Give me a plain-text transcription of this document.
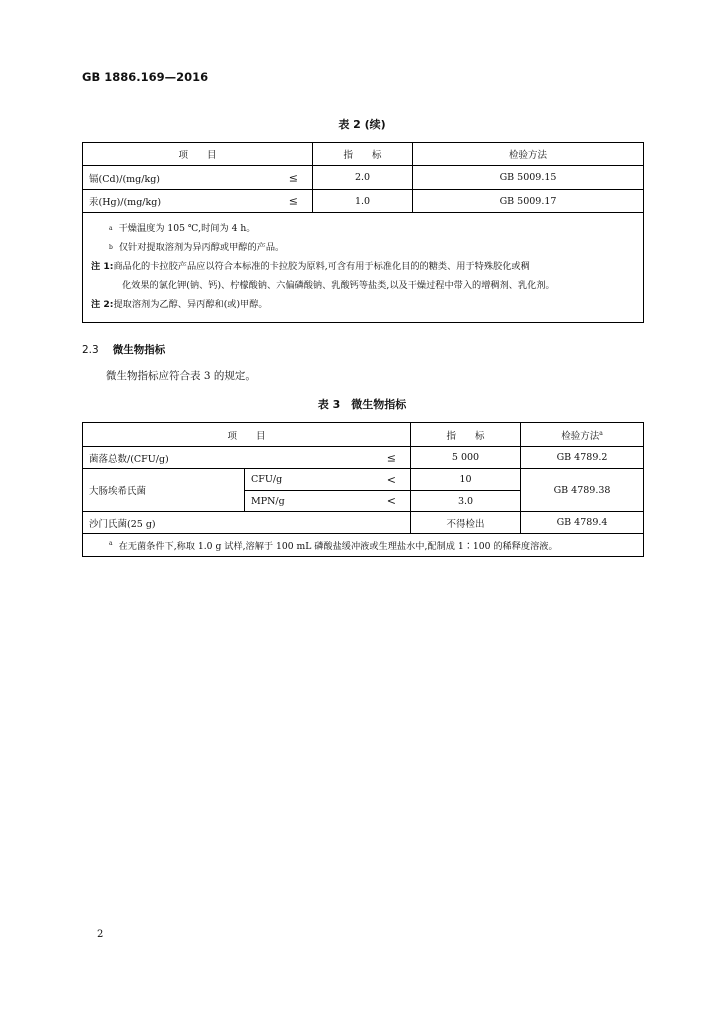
GB 1886.169—2016
表 2 (续)
项　　目	指　　标	检验方法
镉(Cd)/(mg/kg) ≤	2.0	GB 5009.15
汞(Hg)/(mg/kg) ≤	1.0	GB 5009.17

$^a$ 干燥温度为 105 ℃,时间为 4 h。

$^b$ 仅针对提取溶剂为异丙醇或甲醇的产品。

注 1:商品化的卡拉胶产品应以符合本标准的卡拉胶为原料,可含有用于标准化目的的糖类、用于特殊胶化或稠

化效果的氯化钾(钠、钙)、柠檬酸钠、六偏磷酸钠、乳酸钙等盐类,以及干燥过程中带入的增稠剂、乳化剂。

注 2:提取溶剂为乙醇、异丙醇和(或)甲醇。		

2.3 微生物指标
微生物指标应符合表 3 的规定。
表 3　微生物指标
项　　目		指　　标	检验方法$^a$
菌落总数/(CFU/g) ≤		5 000	GB 4789.2
大肠埃希氏菌	CFU/g <	10	GB 4789.38
	MPN/g <	3.0	
沙门氏菌(25 g)		不得检出	GB 4789.4
$^a$ 在无菌条件下,称取 1.0 g 试样,溶解于 100 mL 磷酸盐缓冲液或生理盐水中,配制成 1∶100 的稀释度溶液。			
2
